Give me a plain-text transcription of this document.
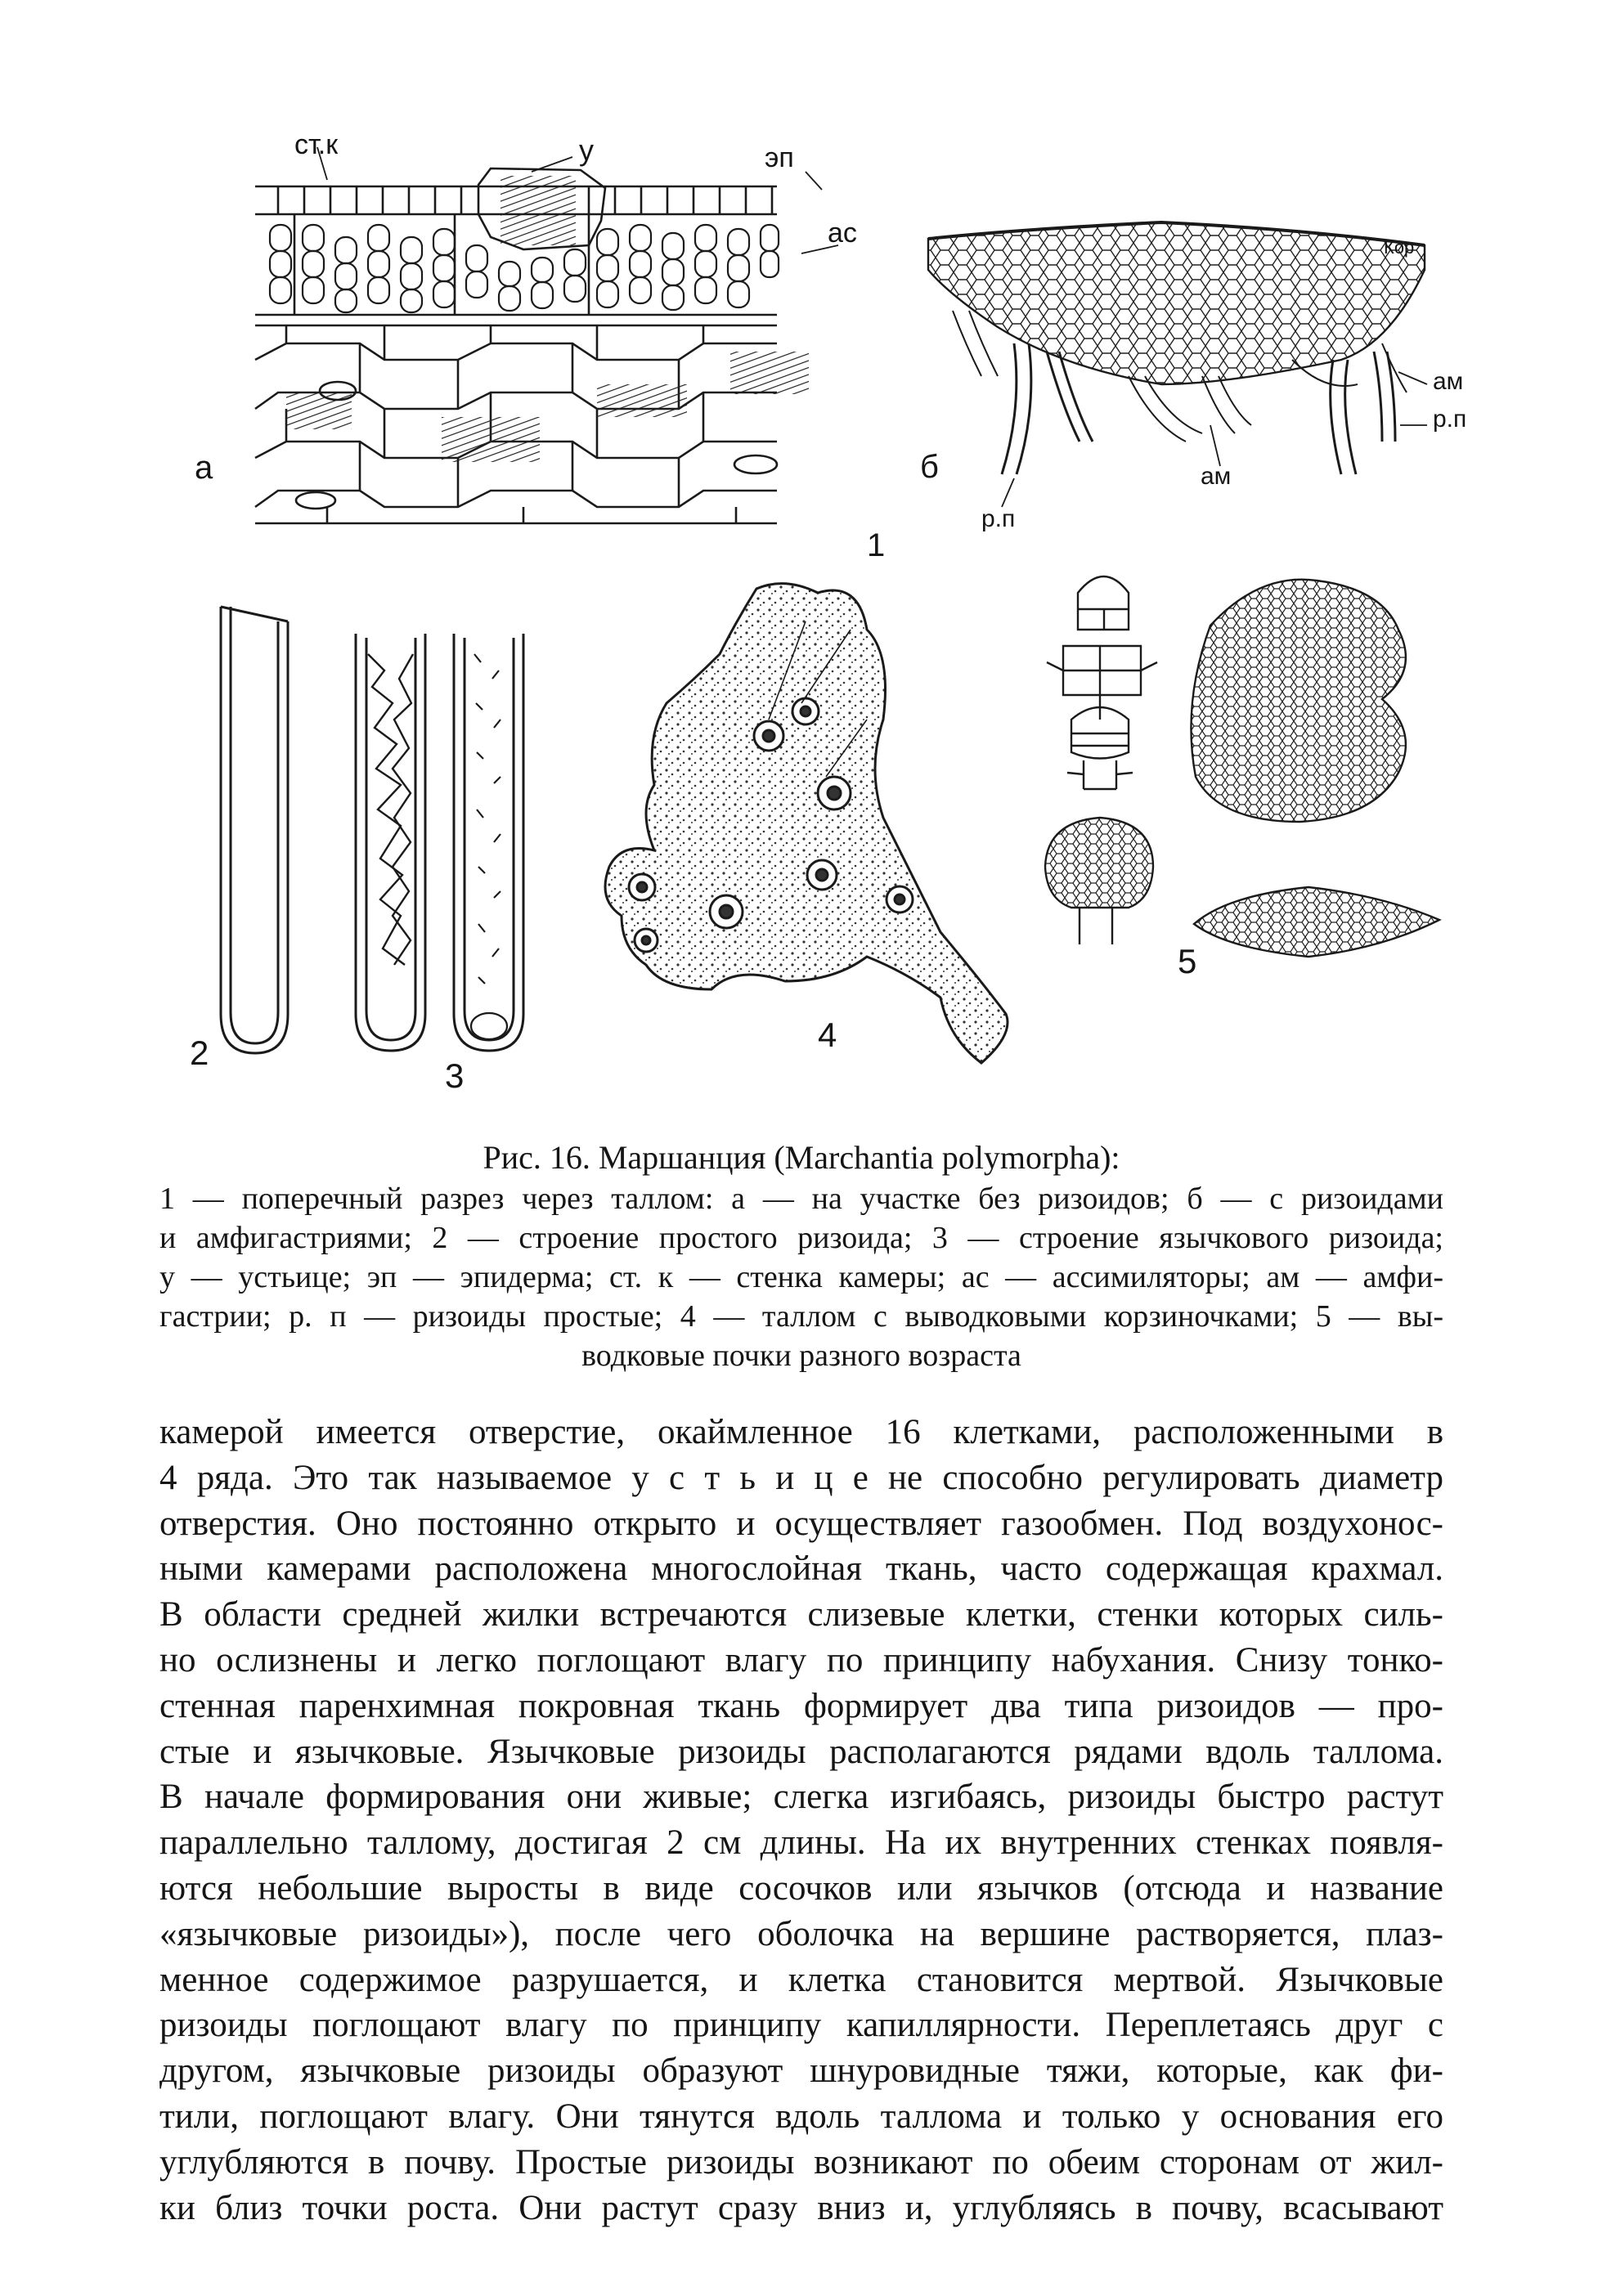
ст.к	у	эп
ас
а	б
Кор
ам
р.п
ам
р.п
1
2
3
4
5
Рис. 16. Маршанция (Marchantia polymorpha):
1 — поперечный разрез через таллом: а — на участке без ризоидов; б — с ризоидами
и амфигастриями; 2 — строение простого ризоида; 3 — строение язычкового ризоида;
у — устьице; эп — эпидерма; ст. к — стенка камеры; ас — ассимиляторы; ам — амфи-
гастрии; р. п — ризоиды простые; 4 — таллом с выводковыми корзиночками; 5 — вы-
водковые почки разного возраста
камерой имеется отверстие, окаймленное 16 клетками, расположенными в
4 ряда. Это так называемое у с т ь и ц е не способно регулировать диаметр
отверстия. Оно постоянно открыто и осуществляет газообмен. Под воздухонос-
ными камерами расположена многослойная ткань, часто содержащая крахмал.
В области средней жилки встречаются слизевые клетки, стенки которых силь-
но ослизнены и легко поглощают влагу по принципу набухания. Снизу тонко-
стенная паренхимная покровная ткань формирует два типа ризоидов — про-
стые и язычковые. Язычковые ризоиды располагаются рядами вдоль таллома.
В начале формирования они живые; слегка изгибаясь, ризоиды быстро растут
параллельно таллому, достигая 2 см длины. На их внутренних стенках появля-
ются небольшие выросты в виде сосочков или язычков (отсюда и название
«язычковые ризоиды»), после чего оболочка на вершине растворяется, плаз-
менное содержимое разрушается, и клетка становится мертвой. Язычковые
ризоиды поглощают влагу по принципу капиллярности. Переплетаясь друг с
другом, язычковые ризоиды образуют шнуровидные тяжи, которые, как фи-
тили, поглощают влагу. Они тянутся вдоль таллома и только у основания его
углубляются в почву. Простые ризоиды возникают по обеим сторонам от жил-
ки близ точки роста. Они растут сразу вниз и, углубляясь в почву, всасывают
